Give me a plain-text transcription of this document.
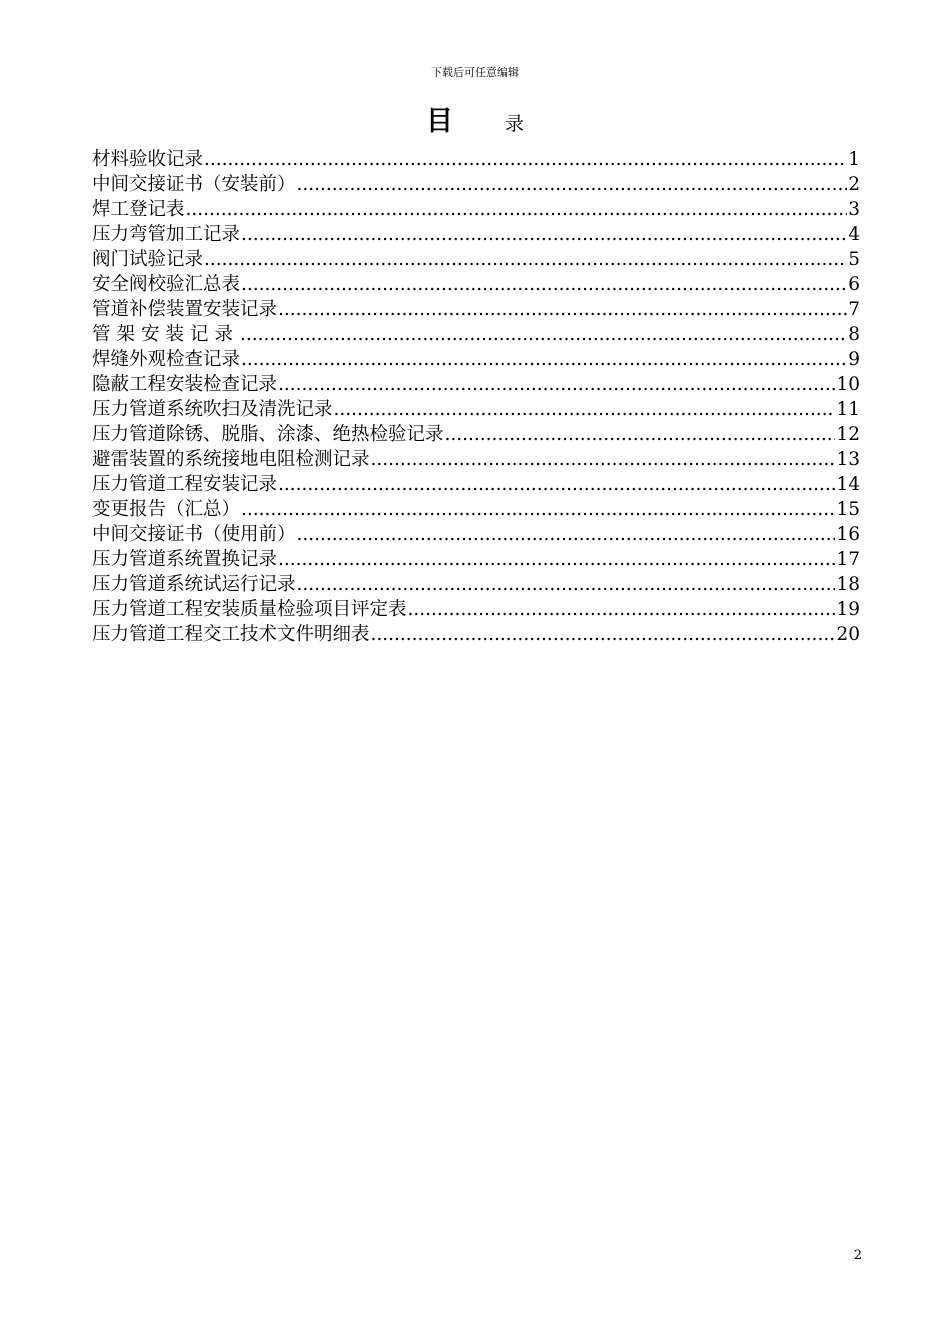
下载后可任意编辑
目	录
材料验收记录 .....	1
中间交接证书（安装前） .....	2
焊工登记表 .....	3
压力弯管加工记录 .....	4
阀门试验记录 .....	5
安全阀校验汇总表 .....	6
管道补偿装置安装记录 .....	7
管架安装记录 .....	8
焊缝外观检查记录 .....	9
隐蔽工程安装检查记录 .....	10
压力管道系统吹扫及清洗记录 .....	11
压力管道除锈、脱脂、涂漆、绝热检验记录 .....	12
避雷装置的系统接地电阻检测记录 .....	13
压力管道工程安装记录 .....	14
变更报告（汇总） .....	15
中间交接证书（使用前） .....	16
压力管道系统置换记录 .....	17
压力管道系统试运行记录 .....	18
压力管道工程安装质量检验项目评定表 .....	19
压力管道工程交工技术文件明细表 .....	20
2
